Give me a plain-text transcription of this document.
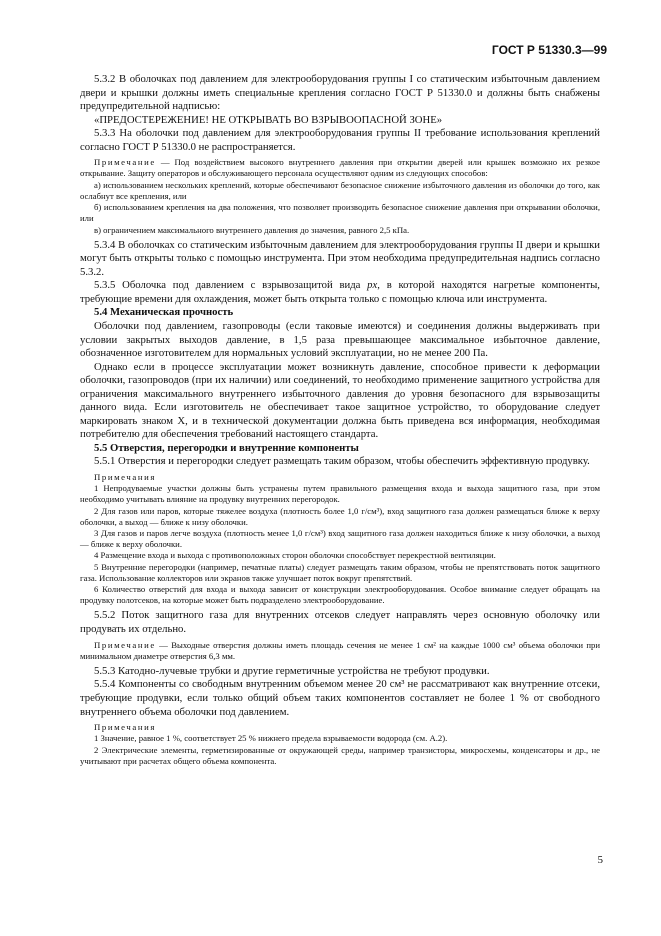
ГОСТ Р 51330.3—99

5.3.2 В оболочках под давлением для электрооборудования группы I со статическим избыточным давлением двери и крышки должны иметь специальные крепления согласно ГОСТ Р 51330.0 и должны быть снабжены предупредительной надписью:

«ПРЕДОСТЕРЕЖЕНИЕ! НЕ ОТКРЫВАТЬ ВО ВЗРЫВООПАСНОЙ ЗОНЕ»

5.3.3 На оболочки под давлением для электрооборудования группы II требование использования креплений согласно ГОСТ Р 51330.0 не распространяется.

Примечание — Под воздействием высокого внутреннего давления при открытии дверей или крышек возможно их резкое открывание. Защиту операторов и обслуживающего персонала осуществляют одним из следующих способов:

а) использованием нескольких креплений, которые обеспечивают безопасное снижение избыточного давления из оболочки до того, как ослабнут все крепления, или

б) использованием крепления на два положения, что позволяет производить безопасное снижение давления при открывании оболочки, или

в) ограничением максимального внутреннего давления до значения, равного 2,5 кПа.

5.3.4 В оболочках со статическим избыточным давлением для электрооборудования группы II двери и крышки могут быть открыты только с помощью инструмента. При этом необходима предупредительная надпись согласно 5.3.2.

5.3.5 Оболочка под давлением с взрывозащитой вида px, в которой находятся нагретые компоненты, требующие времени для охлаждения, может быть открыта только с помощью ключа или инструмента.

5.4 Механическая прочность

Оболочки под давлением, газопроводы (если таковые имеются) и соединения должны выдерживать при условии закрытых выходов давление, в 1,5 раза превышающее максимальное избыточное давление, обозначенное изготовителем для нормальных условий эксплуатации, но не менее 200 Па.

Однако если в процессе эксплуатации может возникнуть давление, способное привести к деформации оболочки, газопроводов (при их наличии) или соединений, то необходимо применение защитного устройства для ограничения максимального внутреннего избыточного давления до уровня безопасного для взрывозащиты данного вида. Если изготовитель не обеспечивает такое защитное устройство, то оборудование следует маркировать знаком X, и в технической документации должна быть приведена вся информация, необходимая потребителю для обеспечения требований настоящего стандарта.

5.5 Отверстия, перегородки и внутренние компоненты

5.5.1 Отверстия и перегородки следует размещать таким образом, чтобы обеспечить эффективную продувку.

Примечания

1 Непродуваемые участки должны быть устранены путем правильного размещения входа и выхода защитного газа, при этом необходимо учитывать влияние на продувку внутренних перегородок.

2 Для газов или паров, которые тяжелее воздуха (плотность более 1,0 г/см³), вход защитного газа должен размещаться ближе к верху оболочки, а выход — ближе к низу оболочки.

3 Для газов и паров легче воздуха (плотность менее 1,0 г/см³) вход защитного газа должен находиться ближе к низу оболочки, а выход — ближе к верху оболочки.

4 Размещение входа и выхода с противоположных сторон оболочки способствует перекрестной вентиляции.

5 Внутренние перегородки (например, печатные платы) следует размещать таким образом, чтобы не препятствовать поток защитного газа. Использование коллекторов или экранов также улучшает поток вокруг препятствий.

6 Количество отверстий для входа и выхода зависит от конструкции электрооборудования. Особое внимание следует обращать на продувку полотсеков, на которые может быть подразделено электрооборудование.

5.5.2 Поток защитного газа для внутренних отсеков следует направлять через основную оболочку или продувать их отдельно.

Примечание — Выходные отверстия должны иметь площадь сечения не менее 1 см² на каждые 1000 см³ объема оболочки при минимальном диаметре отверстия 6,3 мм.

5.5.3 Катодно-лучевые трубки и другие герметичные устройства не требуют продувки.

5.5.4 Компоненты со свободным внутренним объемом менее 20 см³ не рассматривают как внутренние отсеки, требующие продувки, если только общий объем таких компонентов составляет не более 1 % от свободного внутреннего объема оболочки под давлением.

Примечания

1 Значение, равное 1 %, соответствует 25 % нижнего предела взрываемости водорода (см. А.2).

2 Электрические элементы, герметизированные от окружающей среды, например транзисторы, микросхемы, конденсаторы и др., не учитывают при расчетах общего объема компонента.

5
